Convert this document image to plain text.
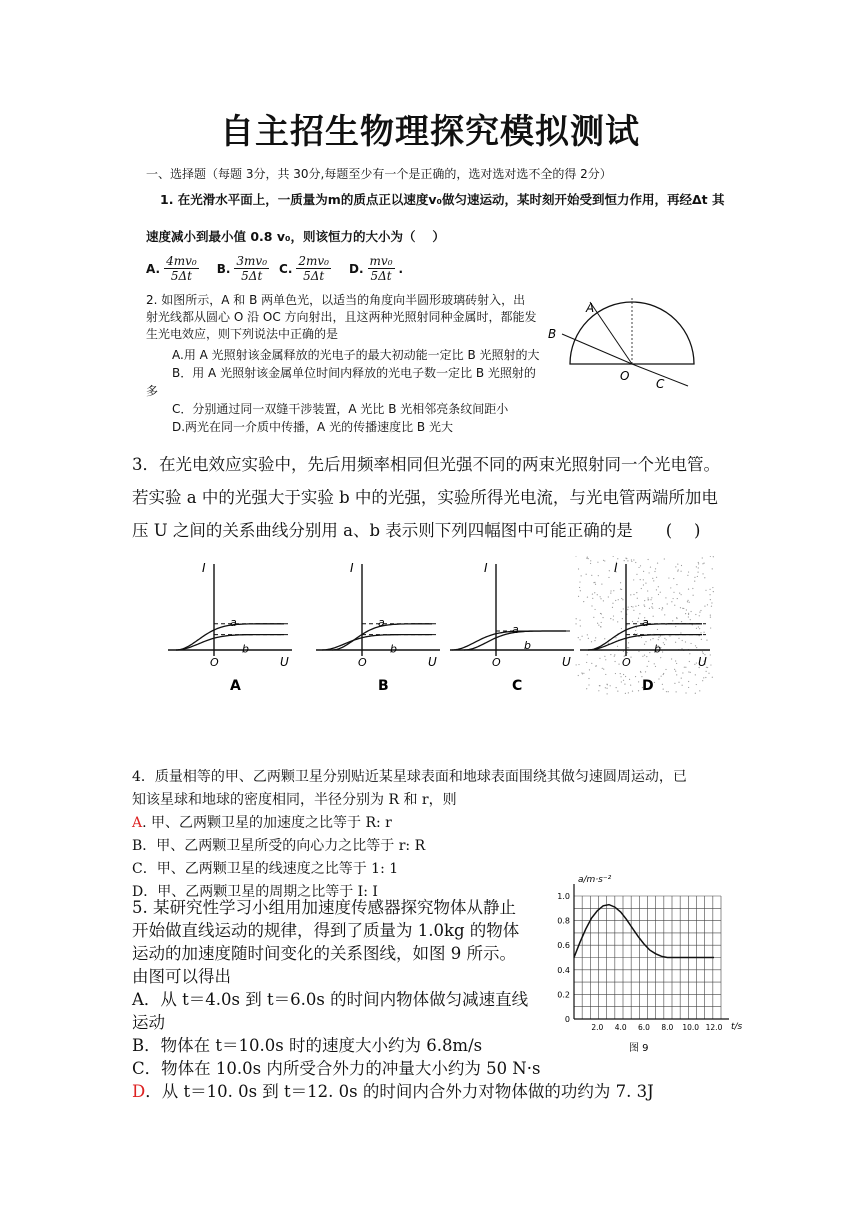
自主招生物理探究模拟测试
一、选择题（每题 3分，共 30分,每题至少有一个是正确的，选对选对选不全的得 2分）
1. 在光滑水平面上，一质量为m的质点正以速度v₀做匀速运动，某时刻开始受到恒力作用，再经Δt 其
速度减小到最小值 0.8 v₀，则该恒力的大小为（　 ）
A. $\frac{\text{4mv₀}}{5\Delta t} B$. $\frac{\text{3mv₀}}{5\Delta t} C$. $\frac{\text{2mv₀}}{5\Delta t} D$. $\frac{\text{mv₀}}{5\Delta t}$ .
2. 如图所示，A 和 B 两单色光，以适当的角度向半圆形玻璃砖射入，出
射光线都从圆心 O 沿 OC 方向射出，且这两种光照射同种金属时，都能发
生光电效应，则下列说法中正确的是
A.用 A 光照射该金属释放的光电子的最大初动能一定比 B 光照射的大
B．用 A 光照射该金属单位时间内释放的光电子数一定比 B 光照射的
多
C．分别通过同一双缝干涉装置，A 光比 B 光相邻亮条纹间距小
D.两光在同一介质中传播，A 光的传播速度比 B 光大
A
B
C
O
3．在光电效应实验中，先后用频率相同但光强不同的两束光照射同一个光电管。
若实验 a 中的光强大于实验 b 中的光强，实验所得光电流，与光电管两端所加电
压 U 之间的关系曲线分别用 a、b 表示则下列四幅图中可能正确的是　　(　 )
I
U
O
a
b
A
I
U
O
a
b
B
I
U
O
a
b
C
I
U
O
a
b
D
4．质量相等的甲、乙两颗卫星分别贴近某星球表面和地球表面围绕其做匀速圆周运动，已
知该星球和地球的密度相同，半径分别为 R 和 r，则
A. 甲、乙两颗卫星的加速度之比等于 R: r
B．甲、乙两颗卫星所受的向心力之比等于 r: R
C．甲、乙两颗卫星的线速度之比等于 1: 1
D．甲、乙两颗卫星的周期之比等于 I: I
5. 某研究性学习小组用加速度传感器探究物体从静止
开始做直线运动的规律，得到了质量为 1.0kg 的物体
运动的加速度随时间变化的关系图线，如图 9 所示。
由图可以得出
A．从 t＝4.0s 到 t＝6.0s 的时间内物体做匀减速直线
运动
B．物体在 t＝10.0s 时的速度大小约为 6.8m/s
C．物体在 10.0s 内所受合外力的冲量大小约为 50 N·s
D．从 t＝10. 0s 到 t＝12. 0s 的时间内合外力对物体做的功约为 7. 3J
0
0.2
0.4
0.6
0.8
1.0
2.0 4.0 6.0 8.0 10.0 12.0
a/m·s⁻²
t/s
图 9
